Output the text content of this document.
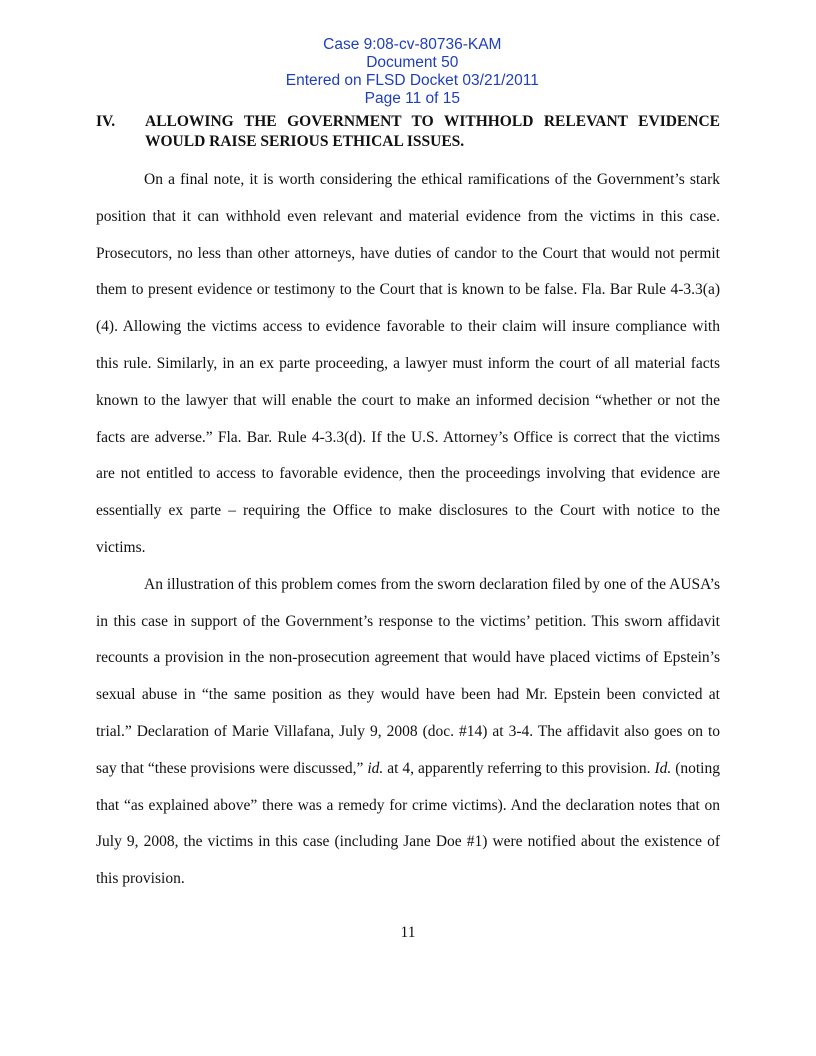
Case 9:08-cv-80736-KAM
Document 50
Entered on FLSD Docket 03/21/2011
Page 11 of 15

IV.	ALLOWING THE GOVERNMENT TO WITHHOLD RELEVANT EVIDENCE
WOULD RAISE SERIOUS ETHICAL ISSUES.

On a final note, it is worth considering the ethical ramifications of the Government’s stark position that it can withhold even relevant and material evidence from the victims in this case. Prosecutors, no less than other attorneys, have duties of candor to the Court that would not permit them to present evidence or testimony to the Court that is known to be false. Fla. Bar Rule 4-3.3(a)(4). Allowing the victims access to evidence favorable to their claim will insure compliance with this rule. Similarly, in an ex parte proceeding, a lawyer must inform the court of all material facts known to the lawyer that will enable the court to make an informed decision “whether or not the facts are adverse.” Fla. Bar. Rule 4-3.3(d). If the U.S. Attorney’s Office is correct that the victims are not entitled to access to favorable evidence, then the proceedings involving that evidence are essentially ex parte – requiring the Office to make disclosures to the Court with notice to the victims.

An illustration of this problem comes from the sworn declaration filed by one of the AUSA’s in this case in support of the Government’s response to the victims’ petition. This sworn affidavit recounts a provision in the non-prosecution agreement that would have placed victims of Epstein’s sexual abuse in “the same position as they would have been had Mr. Epstein been convicted at trial.” Declaration of Marie Villafana, July 9, 2008 (doc. #14) at 3-4. The affidavit also goes on to say that “these provisions were discussed,” id. at 4, apparently referring to this provision. Id. (noting that “as explained above” there was a remedy for crime victims). And the declaration notes that on July 9, 2008, the victims in this case (including Jane Doe #1) were notified about the existence of this provision.

11
